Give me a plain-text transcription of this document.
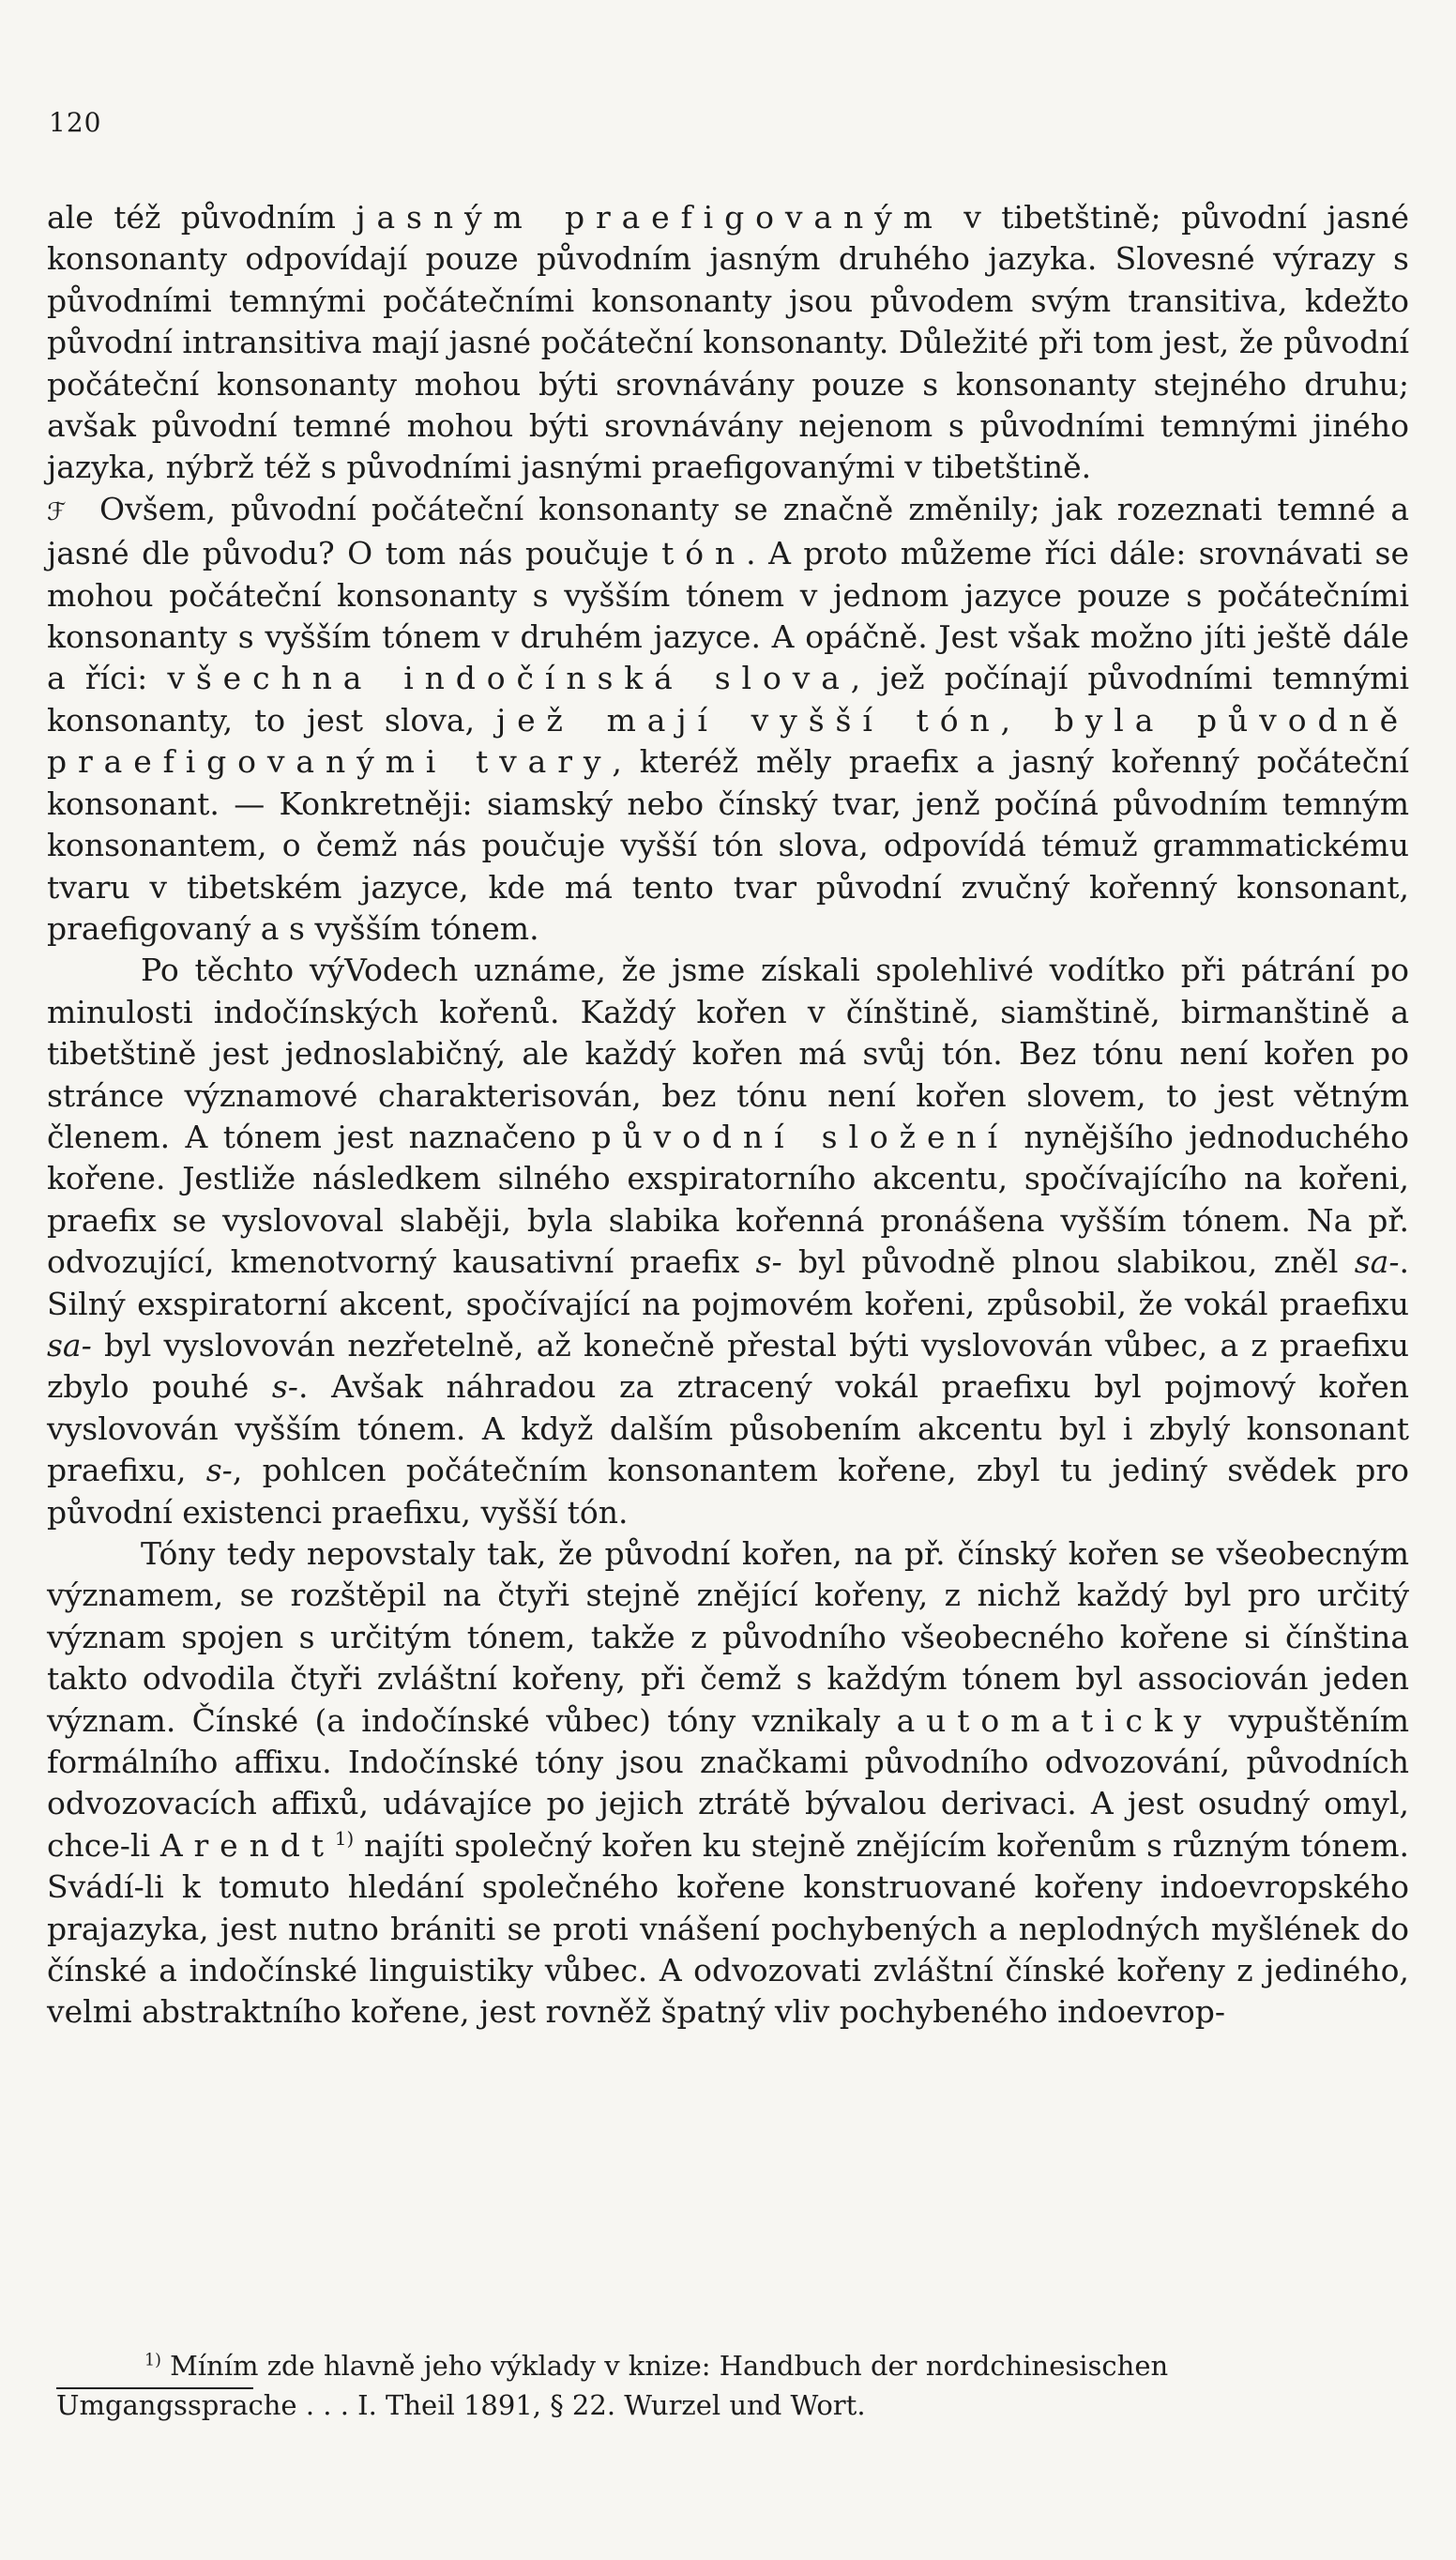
120

ale též původním jasným praefigovaným v tibetštině; původní jasné konsonanty odpovídají pouze původním jasným druhého jazyka. Slovesné výrazy s původními temnými počátečními konsonanty jsou původem svým transitiva, kdežto původní intransitiva mají jasné počáteční konsonanty. Důležité při tom jest, že původní počáteční konsonanty mohou býti srovnávány pouze s konsonanty stejného druhu; avšak původní temné mohou býti srovnávány nejenom s původními temnými jiného jazyka, nýbrž též s původními jasnými praefigovanými v tibetštině.

ℱ Ovšem, původní počáteční konsonanty se značně změnily; jak rozeznati temné a jasné dle původu? O tom nás poučuje tón. A proto můžeme říci dále: srovnávati se mohou počáteční konsonanty s vyšším tónem v jednom jazyce pouze s počátečními konsonanty s vyšším tónem v druhém jazyce. A opáčně. Jest však možno jíti ještě dále a říci: všechna indočínská slova, jež počínají původními temnými konsonanty, to jest slova, jež mají vyšší tón, byla původně praefigovanými tvary, kteréž měly praefix a jasný kořenný počáteční konsonant. — Konkretněji: siamský nebo čínský tvar, jenž počíná původním temným konsonantem, o čemž nás poučuje vyšší tón slova, odpovídá témuž grammatickému tvaru v tibetském jazyce, kde má tento tvar původní zvučný kořenný konsonant, praefigovaný a s vyšším tónem.

Po těchto výVodech uznáme, že jsme získali spolehlivé vodítko při pátrání po minulosti indočínských kořenů. Každý kořen v čínštině, siamštině, birmanštině a tibetštině jest jednoslabičný, ale každý kořen má svůj tón. Bez tónu není kořen po stránce významové charakterisován, bez tónu není kořen slovem, to jest větným členem. A tónem jest naznačeno původní složení nynějšího jednoduchého kořene. Jestliže následkem silného exspiratorního akcentu, spočívajícího na kořeni, praefix se vyslovoval slaběji, byla slabika kořenná pronášena vyšším tónem. Na př. odvozující, kmenotvorný kausativní praefix s- byl původně plnou slabikou, zněl sa-. Silný exspiratorní akcent, spočívající na pojmovém kořeni, způsobil, že vokál praefixu sa- byl vyslovován nezřetelně, až konečně přestal býti vyslovován vůbec, a z praefixu zbylo pouhé s-. Avšak náhradou za ztracený vokál praefixu byl pojmový kořen vyslovován vyšším tónem. A když dalším působením akcentu byl i zbylý konsonant praefixu, s-, pohlcen počátečním konsonantem kořene, zbyl tu jediný svědek pro původní existenci praefixu, vyšší tón.

Tóny tedy nepovstaly tak, že původní kořen, na př. čínský kořen se všeobecným významem, se rozštěpil na čtyři stejně znějící kořeny, z nichž každý byl pro určitý význam spojen s určitým tónem, takže z původního všeobecného kořene si čínština takto odvodila čtyři zvláštní kořeny, při čemž s každým tónem byl associován jeden význam. Čínské (a indočínské vůbec) tóny vznikaly automaticky vypuštěním formálního affixu. Indočínské tóny jsou značkami původního odvozování, původních odvozovacích affixů, udávajíce po jejich ztrátě bývalou derivaci. A jest osudný omyl, chce-li Arendt$^{1)}$ najíti společný kořen ku stejně znějícím kořenům s různým tónem. Svádí-li k tomuto hledání společného kořene konstruované kořeny indoevropského prajazyka, jest nutno brániti se proti vnášení pochybených a neplodných myšlének do čínské a indočínské linguistiky vůbec. A odvozovati zvláštní čínské kořeny z jediného, velmi abstraktního kořene, jest rovněž špatný vliv pochybeného indoevrop-

$^{1)}$ Míním zde hlavně jeho výklady v knize: Handbuch der nordchinesischen

Umgangssprache . . . I. Theil 1891, § 22. Wurzel und Wort.
